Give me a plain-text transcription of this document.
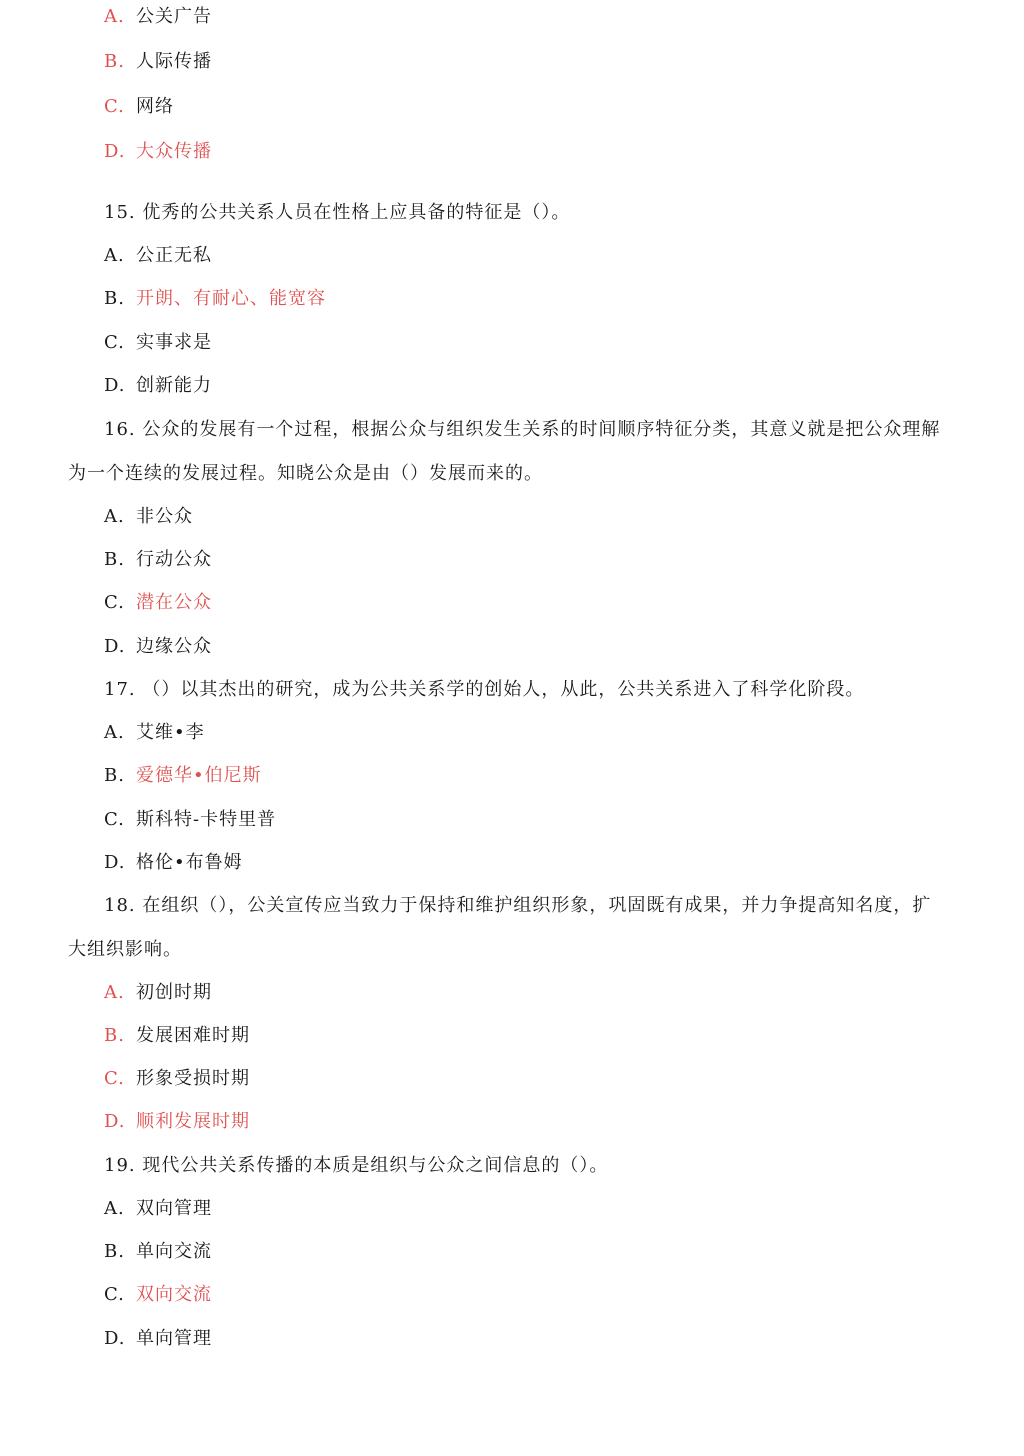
A. 公关广告
B. 人际传播
C. 网络
D. 大众传播
15. 优秀的公共关系人员在性格上应具备的特征是（）。
A. 公正无私
B. 开朗、有耐心、能宽容
C. 实事求是
D. 创新能力
16. 公众的发展有一个过程，根据公众与组织发生关系的时间顺序特征分类，其意义就是把公众理解
为一个连续的发展过程。知晓公众是由（）发展而来的。
A. 非公众
B. 行动公众
C. 潜在公众
D. 边缘公众
17. （）以其杰出的研究，成为公共关系学的创始人，从此，公共关系进入了科学化阶段。
A. 艾维•李
B. 爱德华•伯尼斯
C. 斯科特-卡特里普
D. 格伦•布鲁姆
18. 在组织（），公关宣传应当致力于保持和维护组织形象，巩固既有成果，并力争提高知名度，扩
大组织影响。
A. 初创时期
B. 发展困难时期
C. 形象受损时期
D. 顺利发展时期
19. 现代公共关系传播的本质是组织与公众之间信息的（）。
A. 双向管理
B. 单向交流
C. 双向交流
D. 单向管理
